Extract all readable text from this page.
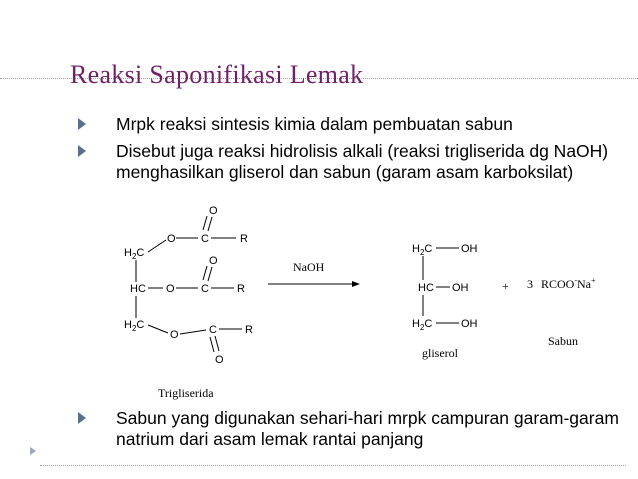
Reaksi Saponifikasi Lemak
Mrpk reaksi sintesis kimia dalam pembuatan sabun
Disebut juga reaksi hidrolisis alkali (reaksi trigliserida dg NaOH) menghasilkan gliserol dan sabun (garam asam karboksilat)
$H_2C$
O C	R
O
HC O C	R
O
$H_2C$
O	C	R
O
Trigliserida
NaOH
$H_2C$	OH
HC OH
$H_2C$	OH
gliserol
+ 3 RCOO-Na+
Sabun
Sabun yang digunakan sehari-hari mrpk campuran garam-garam natrium dari asam lemak rantai panjang
